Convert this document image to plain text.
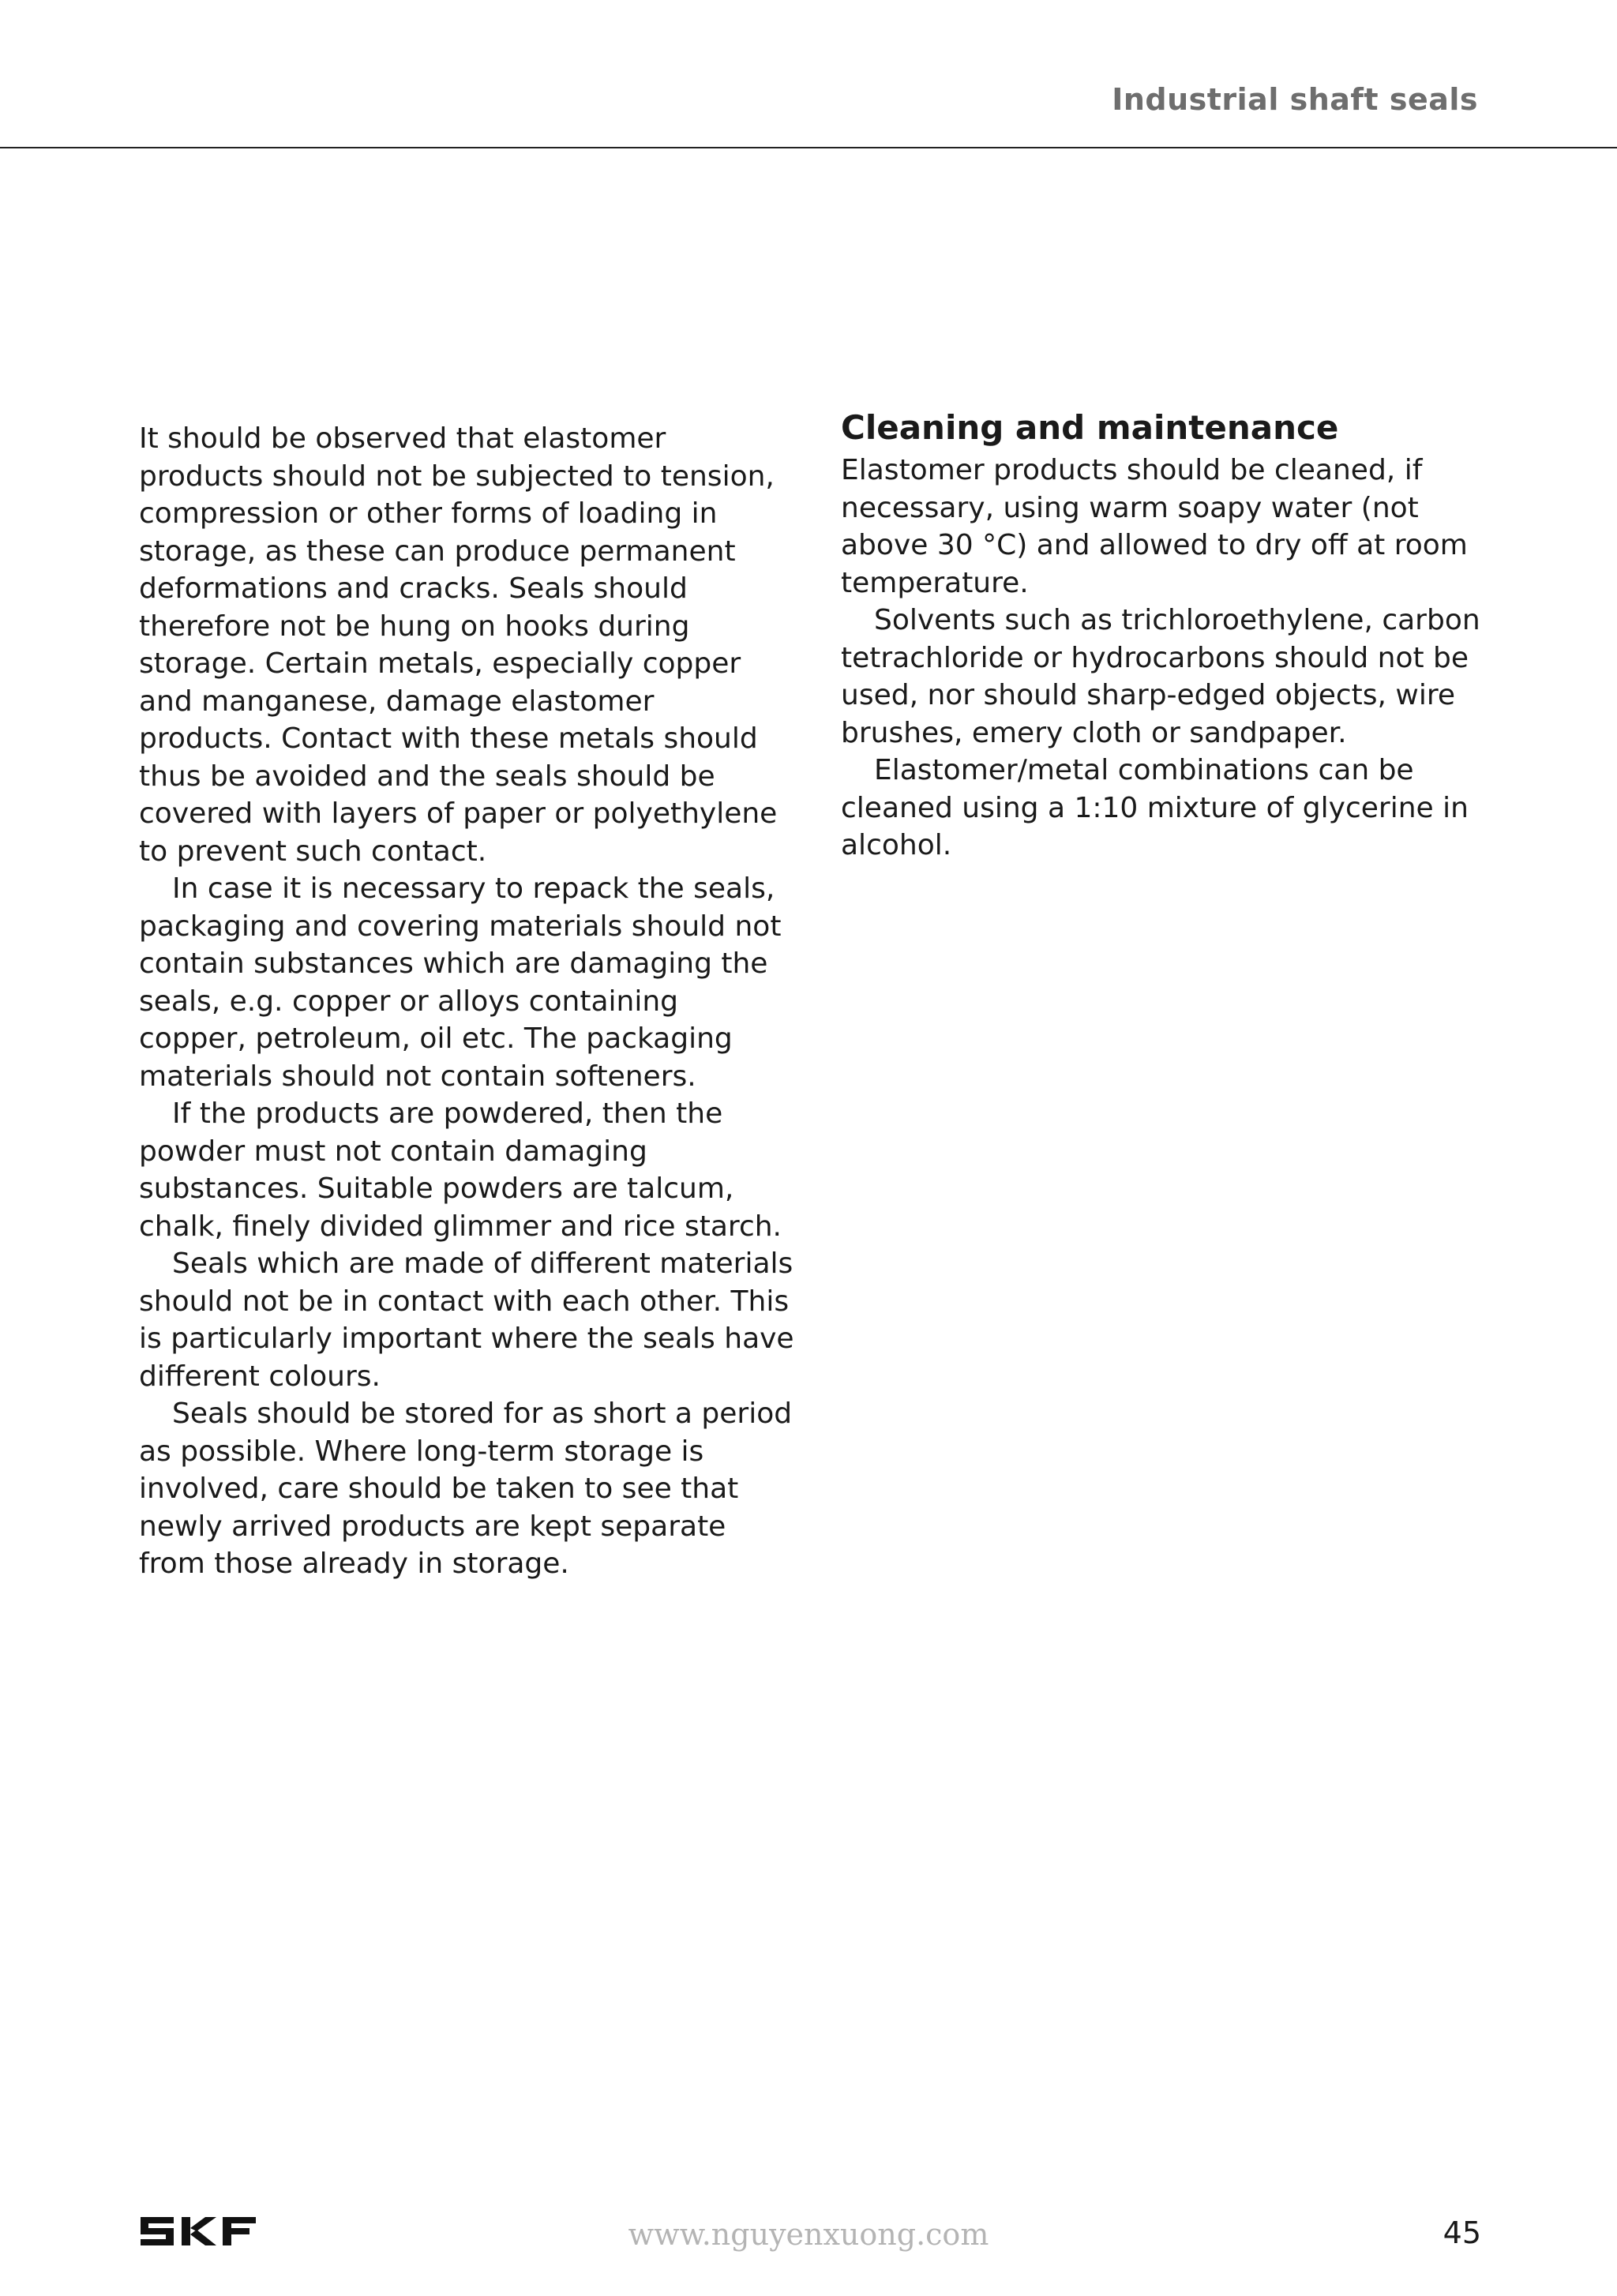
Industrial shaft seals

It should be observed that elastomer products should not be subjected to tension, compression or other forms of loading in storage, as these can produce permanent deformations and cracks. Seals should therefore not be hung on hooks during storage. Certain metals, especially copper and manganese, damage elastomer products. Contact with these metals should thus be avoided and the seals should be covered with layers of paper or polyethylene to prevent such contact.

In case it is necessary to repack the seals, packaging and covering materials should not contain substances which are damaging the seals, e.g. copper or alloys containing copper, petroleum, oil etc. The packaging materials should not contain softeners.

If the products are powdered, then the powder must not contain damaging substances. Suitable powders are talcum, chalk, finely divided glimmer and rice starch.

Seals which are made of different materials should not be in contact with each other. This is particularly important where the seals have different colours.

Seals should be stored for as short a period as possible. Where long-term storage is involved, care should be taken to see that newly arrived products are kept separate from those already in storage.

Cleaning and maintenance

Elastomer products should be cleaned, if necessary, using warm soapy water (not above 30 °C) and allowed to dry off at room temperature.

Solvents such as trichloroethylene, carbon tetrachloride or hydrocarbons should not be used, nor should sharp-edged objects, wire brushes, emery cloth or sandpaper.

Elastomer/metal combinations can be cleaned using a 1:10 mixture of glycerine in alcohol.

www.nguyenxuong.com	45
